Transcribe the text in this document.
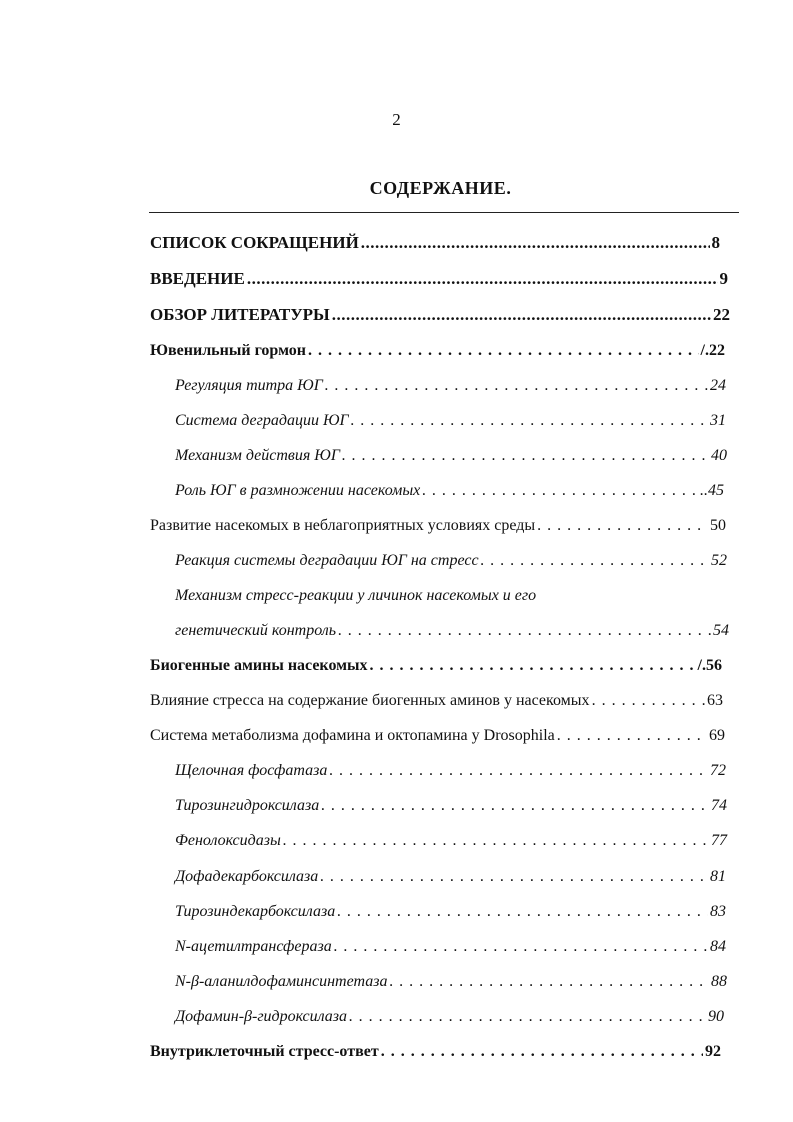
2
СОДЕРЖАНИЕ.
СПИСОК СОКРАЩЕНИЙ .....	8
ВВЕДЕНИЕ .....	9
ОБЗОР ЛИТЕРАТУРЫ .....	22
Ювенильный гормон . . .	/.22
Регуляция титра ЮГ . . .	24
Система деградации ЮГ . . .	31
Механизм действия ЮГ . . .	40
Роль ЮГ в размножении насекомых . . .	..45
Развитие насекомых в неблагоприятных условиях среды . . .	50
Реакция системы деградации ЮГ на стресс . . .	52
Механизм стресс-реакции у личинок насекомых и его
генетический контроль . . .	54
Биогенные амины насекомых . . .	/.56
Влияние стресса на содержание биогенных аминов у насекомых . . .	63
Система метаболизма дофамина и октопамина у Drosophila . . .	69
Щелочная фосфатаза . . .	72
Тирозингидроксилаза . . .	74
Фенолоксидазы . . .	77
Дофадекарбоксилаза . . .	81
Тирозиндекарбоксилаза . . .	83
N-ацетилтрансфераза . . .	84
N-β-аланилдофаминсинтетаза . . .	88
Дофамин-β-гидроксилаза . . .	90
Внутриклеточный стресс-ответ . . .	92
